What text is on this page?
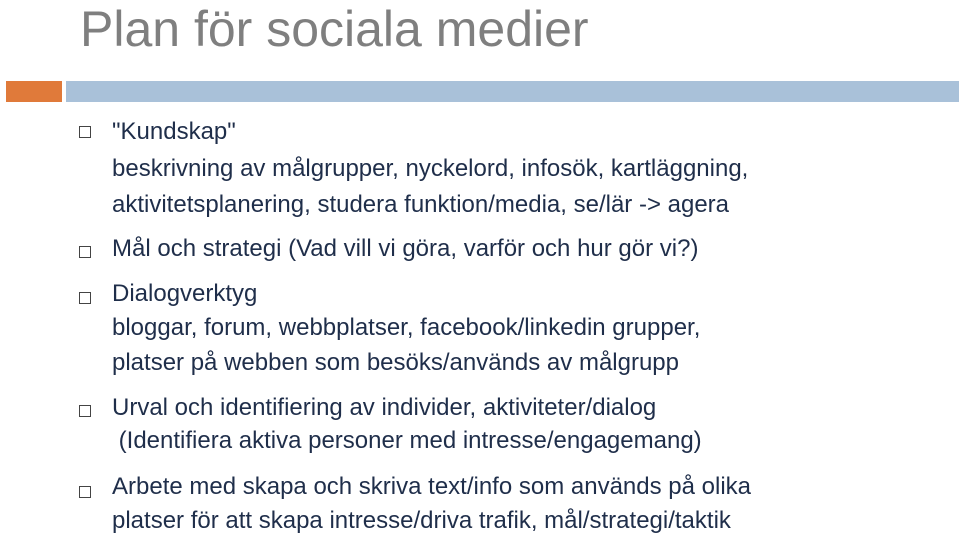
Plan för sociala medier
"Kundskap"
beskrivning av målgrupper, nyckelord, infosök, kartläggning,
aktivitetsplanering, studera funktion/media, se/lär -> agera
Mål och strategi (Vad vill vi göra, varför och hur gör vi?)
Dialogverktyg
bloggar, forum, webbplatser, facebook/linkedin grupper,
platser på webben som besöks/används av målgrupp
Urval och identifiering av individer, aktiviteter/dialog
(Identifiera aktiva personer med intresse/engagemang)
Arbete med skapa och skriva text/info som används på olika
platser för att skapa intresse/driva trafik, mål/strategi/taktik
